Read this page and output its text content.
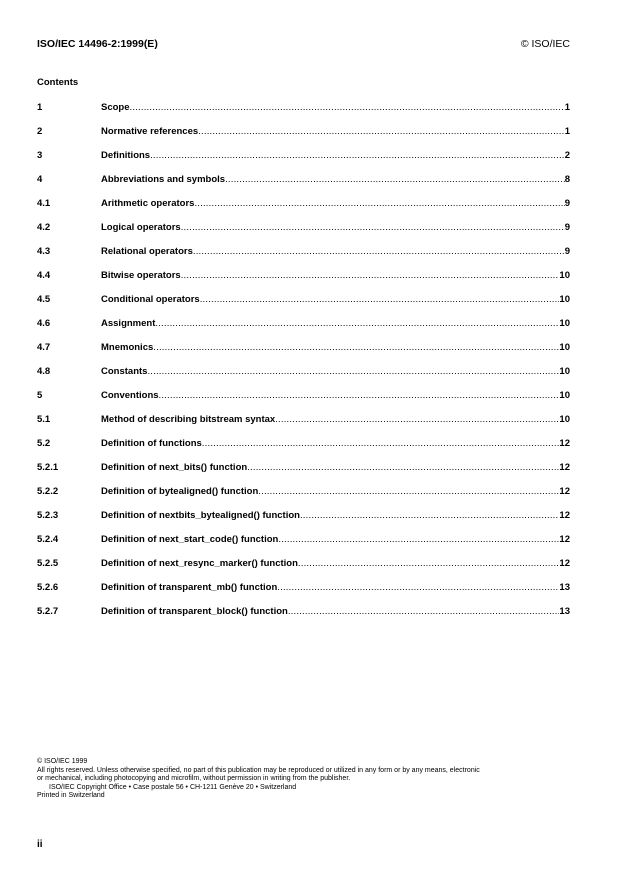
ISO/IEC 14496-2:1999(E)	© ISO/IEC
Contents
1	Scope .....	1
2	Normative references .....	1
3	Definitions .....	2
4	Abbreviations and symbols .....	8
4.1	Arithmetic operators .....	9
4.2	Logical operators .....	9
4.3	Relational operators .....	9
4.4	Bitwise operators .....	10
4.5	Conditional operators .....	10
4.6	Assignment .....	10
4.7	Mnemonics .....	10
4.8	Constants .....	10
5	Conventions .....	10
5.1	Method of describing bitstream syntax .....	10
5.2	Definition of functions .....	12
5.2.1	Definition of next_bits() function .....	12
5.2.2	Definition of bytealigned() function .....	12
5.2.3	Definition of nextbits_bytealigned() function .....	12
5.2.4	Definition of next_start_code() function .....	12
5.2.5	Definition of next_resync_marker() function .....	12
5.2.6	Definition of transparent_mb() function .....	13
5.2.7	Definition of transparent_block() function .....	13

© ISO/IEC 1999

All rights reserved. Unless otherwise specified, no part of this publication may be reproduced or utilized in any form or by any means, electronic

or mechanical, including photocopying and microfilm, without permission in writing from the publisher.

ISO/IEC Copyright Office • Case postale 56 • CH-1211 Genève 20 • Switzerland

Printed in Switzerland

ii
